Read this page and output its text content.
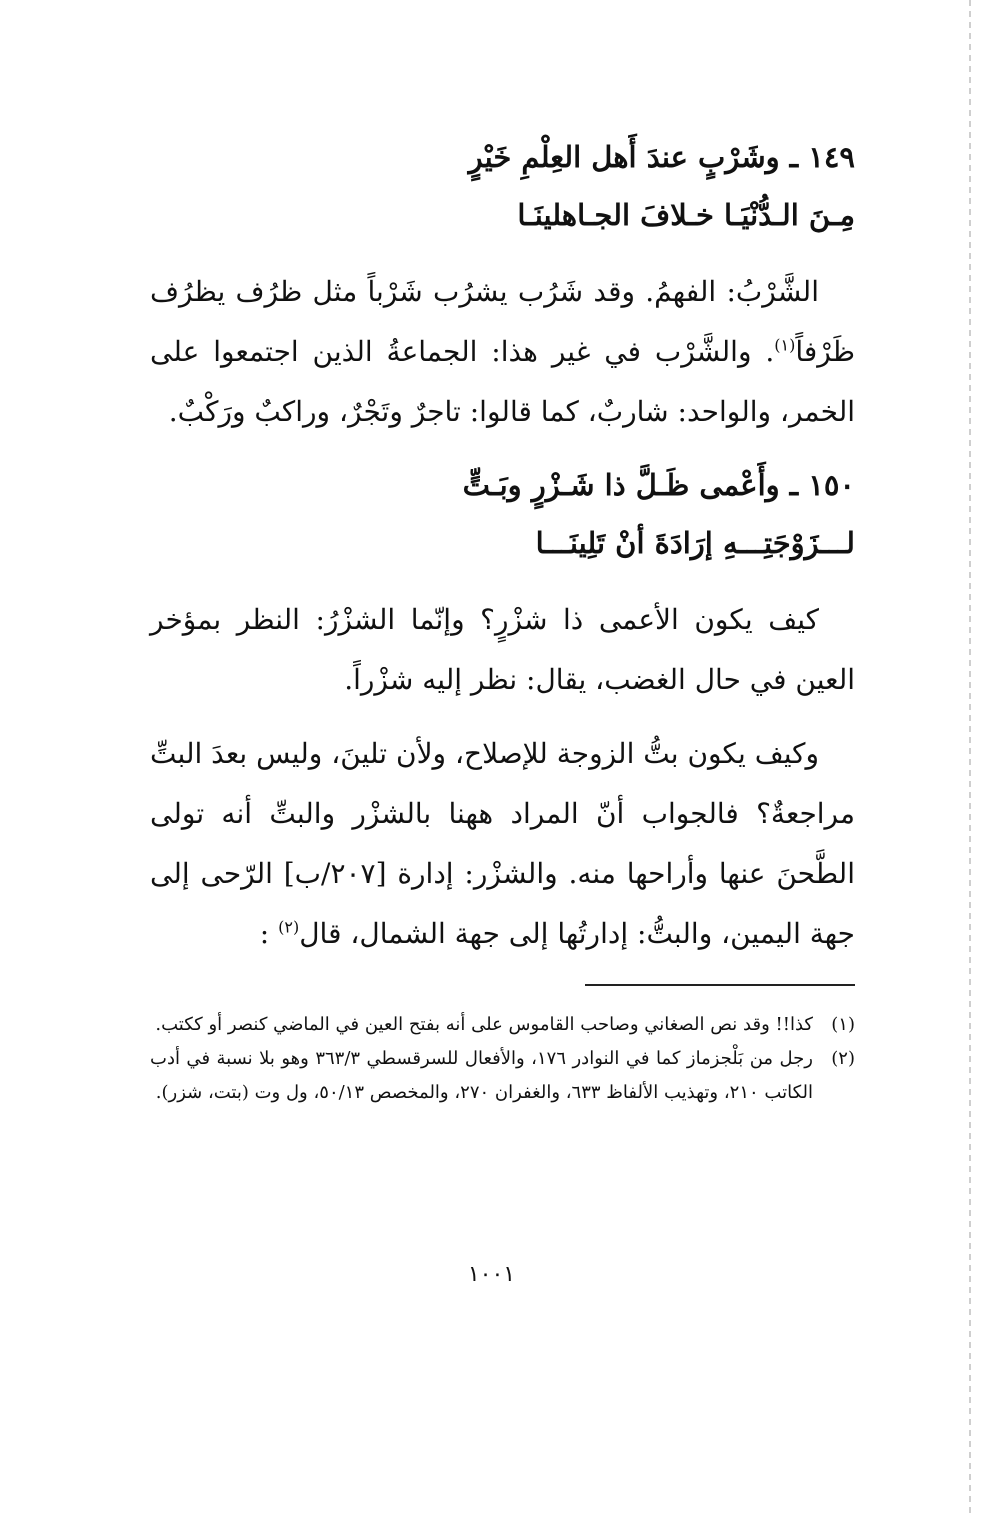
١٤٩ ـوشَرْبٍ عندَ أَهل العِلْمِ خَيْرٍ
مِـنَ الـدُّنْيَـا خـلافَ الجـاهلينَـا

الشَّرْبُ: الفهمُ. وقد شَرُب يشرُب شَرْباً مثل ظرُف يظرُف ظَرْفاً$^{(١)}$. والشَّرْب في غير هذا: الجماعةُ الذين اجتمعوا على الخمر، والواحد: شاربٌ، كما قالوا: تاجرٌ وتَجْرٌ، وراكبٌ ورَكْبٌ.

١٥٠ ـوأَعْمى ظَـلَّ ذا شَـزْرٍ وبَـتٍّ
لـــزَوْجَتِـــهِ إرَادَةَ أنْ تَلِينَـــا

كيف يكون الأعمى ذا شزْرٍ؟ وإنّما الشزْرُ: النظر بمؤخر العين في حال الغضب، يقال: نظر إليه شزْراً.

وكيف يكون بتُّ الزوجة للإصلاح، ولأن تلينَ، وليس بعدَ البتِّ مراجعةٌ؟ فالجواب أنّ المراد ههنا بالشزْر والبتِّ أنه تولى الطَّحنَ عنها وأراحها منه. والشزْر: إدارة [٢٠٧/ب] الرّحى إلى جهة اليمين، والبتُّ: إدارتُها إلى جهة الشمال، قال$^{(٢)}$ :

(١)
كذا!! وقد نص الصغاني وصاحب القاموس على أنه بفتح العين في الماضي كنصر أو ككتب.
(٢)
رجل من بَلْجزماز كما في النوادر ١٧٦، والأفعال للسرقسطي ٣٦٣/٣ وهو بلا نسبة في أدب الكاتب ٢١٠، وتهذيب الألفاظ ٦٣٣، والغفران ٢٧٠، والمخصص ٥٠/١٣، ول وت (بتت، شزر).
١٠٠١
